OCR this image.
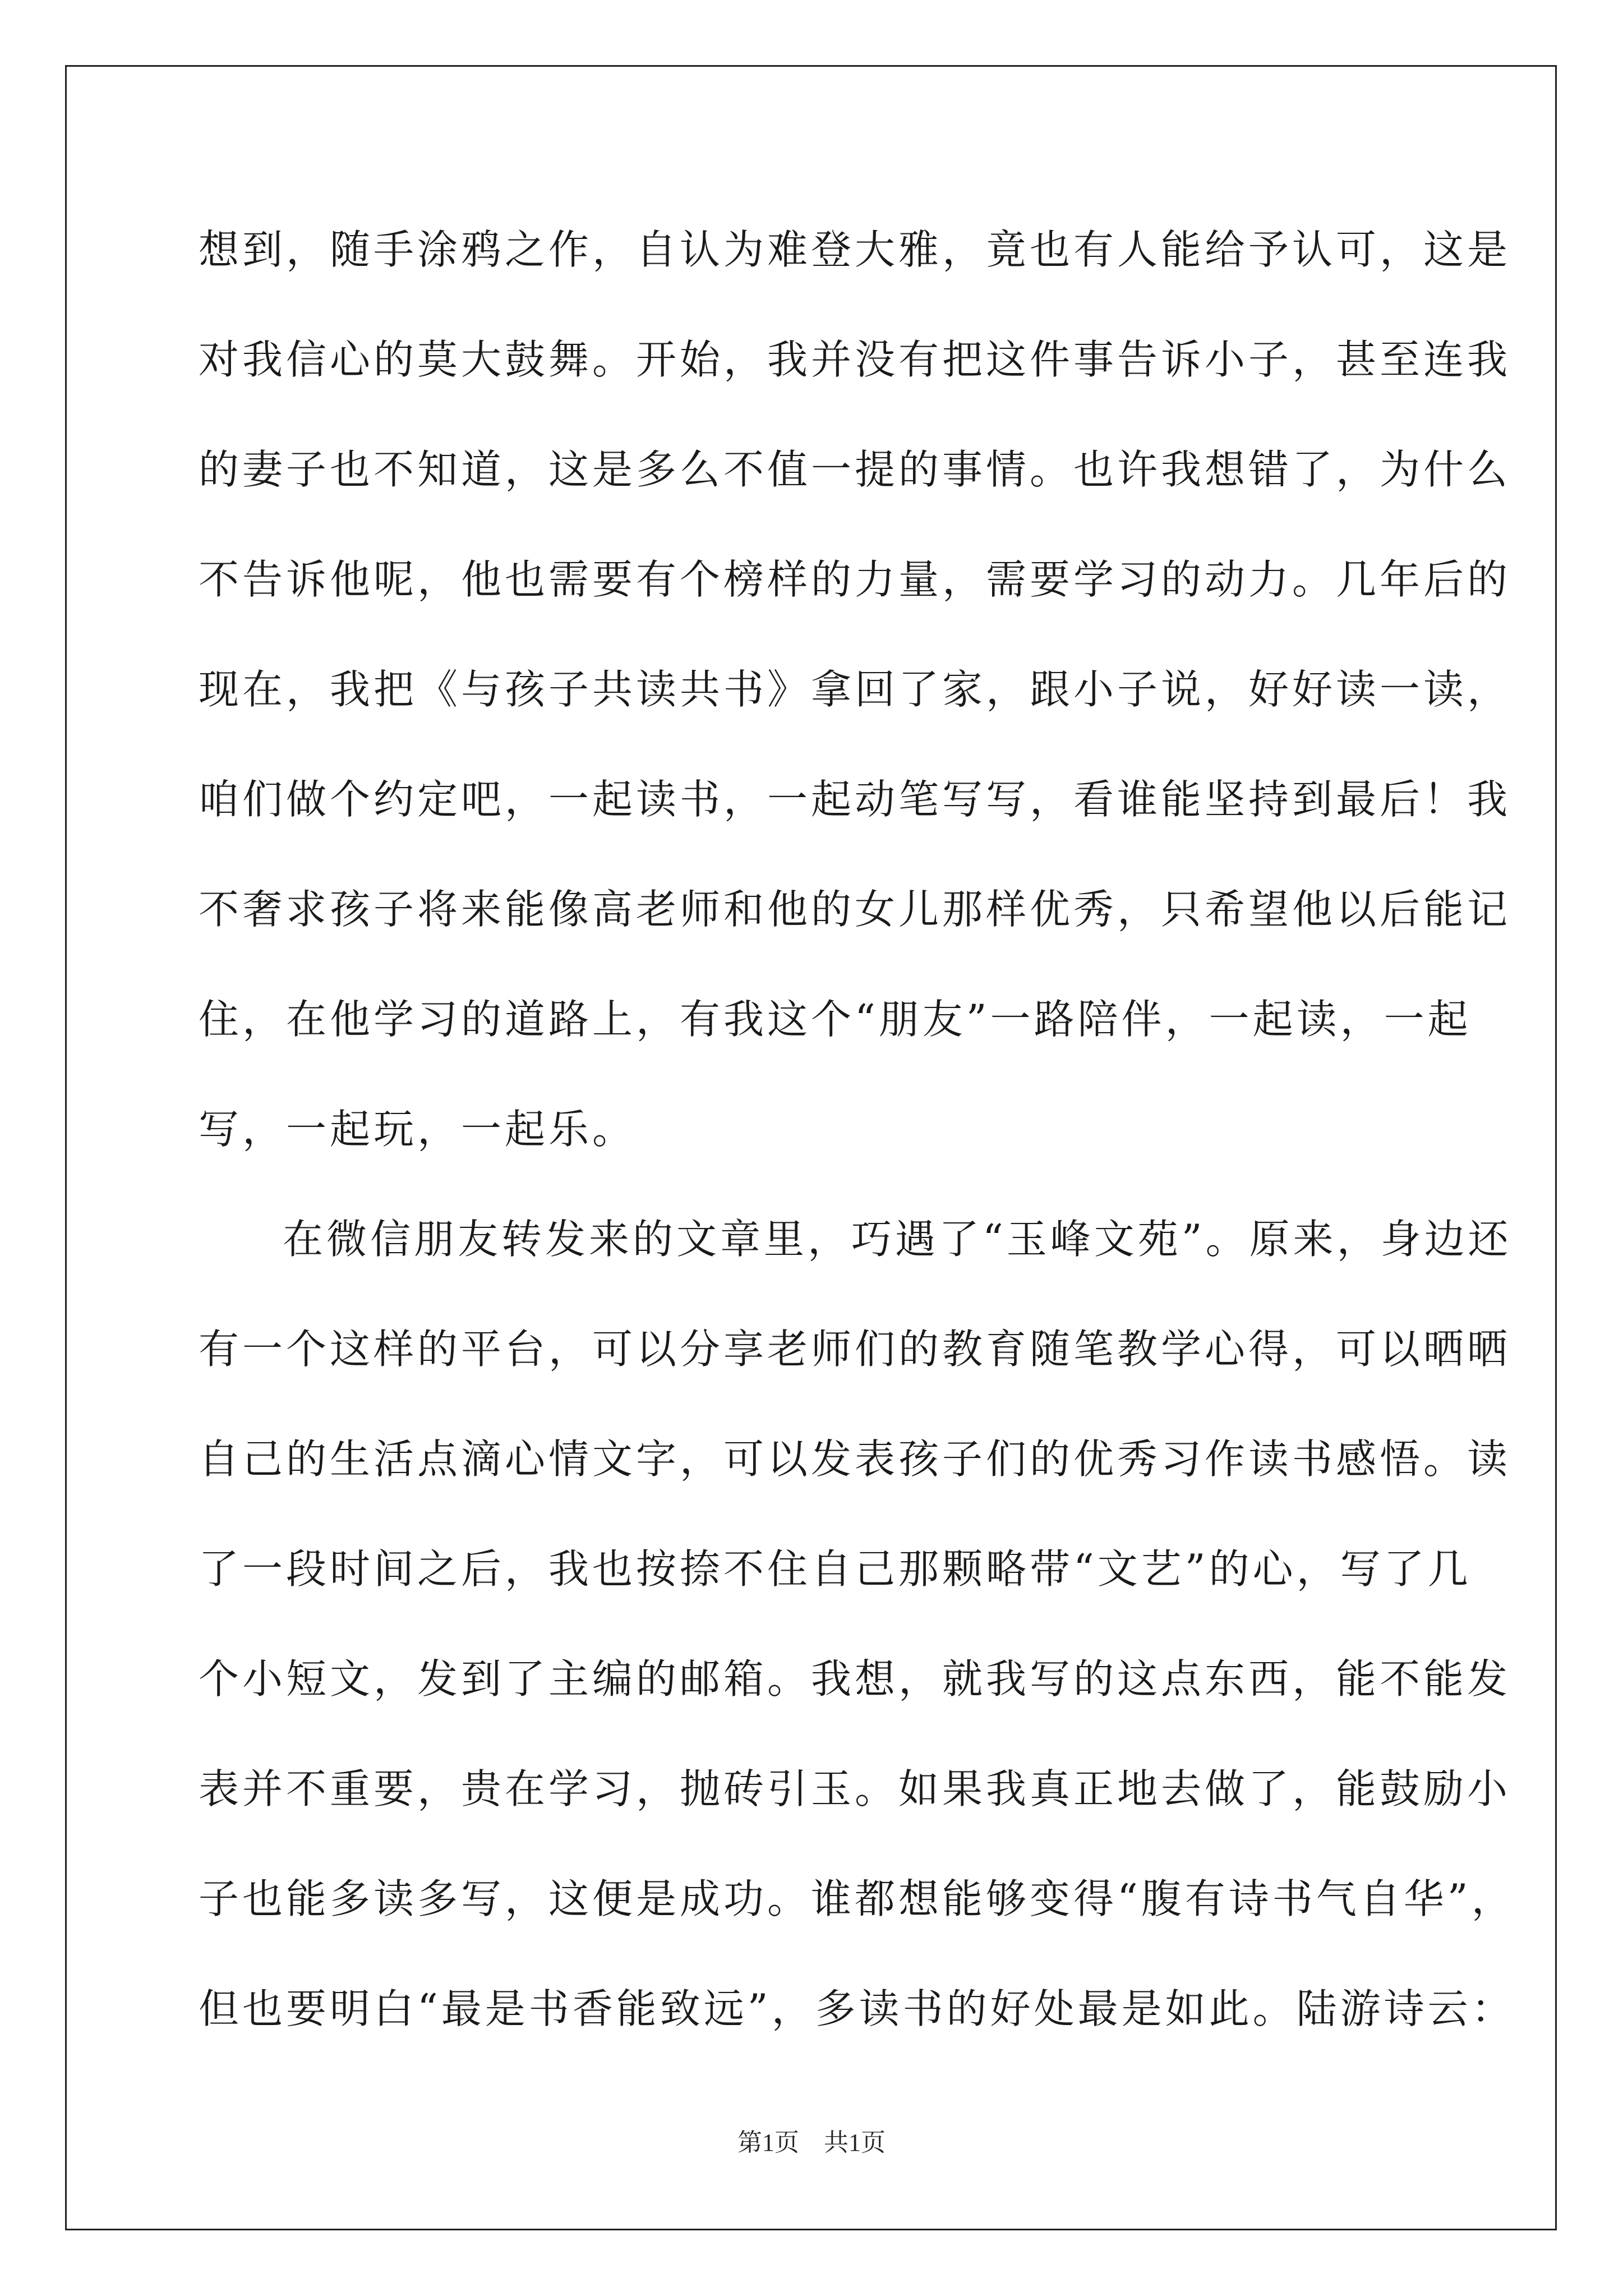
想到，随手涂鸦之作，自认为难登大雅，竟也有人能给予认可，这是
对我信心的莫大鼓舞。开始，我并没有把这件事告诉小子，甚至连我
的妻子也不知道，这是多么不值一提的事情。也许我想错了，为什么
不告诉他呢，他也需要有个榜样的力量，需要学习的动力。几年后的
现在，我把《与孩子共读共书》拿回了家，跟小子说，好好读一读，
咱们做个约定吧，一起读书，一起动笔写写，看谁能坚持到最后！我
不奢求孩子将来能像高老师和他的女儿那样优秀，只希望他以后能记
住，在他学习的道路上，有我这个“朋友”一路陪伴，一起读，一起
写，一起玩，一起乐。
在微信朋友转发来的文章里，巧遇了“玉峰文苑”。原来，身边还
有一个这样的平台，可以分享老师们的教育随笔教学心得，可以晒晒
自己的生活点滴心情文字，可以发表孩子们的优秀习作读书感悟。读
了一段时间之后，我也按捺不住自己那颗略带“文艺”的心，写了几
个小短文，发到了主编的邮箱。我想，就我写的这点东西，能不能发
表并不重要，贵在学习，抛砖引玉。如果我真正地去做了，能鼓励小
子也能多读多写，这便是成功。谁都想能够变得“腹有诗书气自华”，
但也要明白“最是书香能致远”，多读书的好处最是如此。陆游诗云：
第1页　共1页
